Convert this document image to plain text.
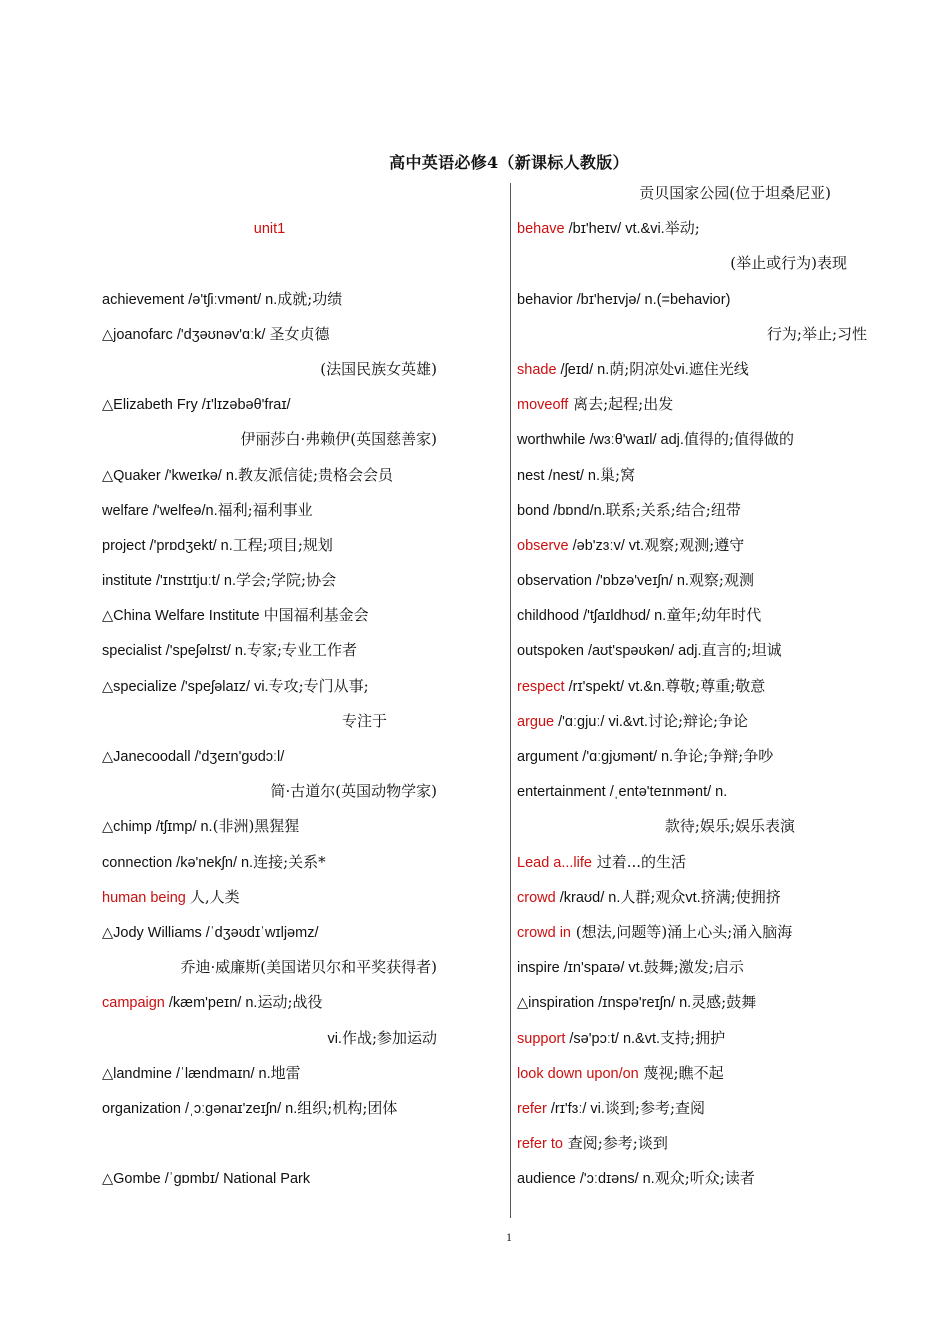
高中英语必修4（新课标人教版）
unit1
achievement /ə'tʃiːvmənt/ n.成就;功绩
△joanofarc /'dʒəʊnəv'ɑːk/ 圣女贞德
(法国民族女英雄)
△Elizabeth Fry /ɪ'lɪzəbəθ'fraɪ/
伊丽莎白·弗赖伊(英国慈善家)
△Quaker /'kweɪkə/ n.教友派信徒;贵格会会员
welfare /'welfeə/n.福利;福利事业
project /'prɒdʒekt/ n.工程;项目;规划
institute /'ɪnstɪtjuːt/ n.学会;学院;协会
△China Welfare Institute 中国福利基金会
specialist /'speʃəlɪst/ n.专家;专业工作者
△specialize /'speʃəlaɪz/ vi.专攻;专门从事;
专注于
△Janecoodall /'dʒeɪn'gʊdɔːl/
简·古道尔(英国动物学家)
△chimp /tʃɪmp/ n.(非洲)黑猩猩
connection /kə'nekʃn/ n.连接;关系*
human being 人,人类
△Jody Williams /ˈdʒəʊdɪˈwɪljəmz/
乔迪·威廉斯(美国诺贝尔和平奖获得者)
campaign /kæm'peɪn/ n.运动;战役
vi.作战;参加运动
△landmine /ˈlændmaɪn/ n.地雷
organization /ˌɔːgənaɪ'zeɪʃn/ n.组织;机构;团体
△Gombe /ˈgɒmbɪ/ National Park
贡贝国家公园(位于坦桑尼亚)
behave /bɪ'heɪv/ vt.&vi.举动;
(举止或行为)表现
behavior /bɪ'heɪvjə/ n.(=behavior)
行为;举止;习性
shade /ʃeɪd/ n.荫;阴凉处vi.遮住光线
moveoff 离去;起程;出发
worthwhile /wɜːθ'waɪl/ adj.值得的;值得做的
nest /nest/ n.巢;窝
bond /bɒnd/n.联系;关系;结合;纽带
observe /əb'zɜːv/ vt.观察;观测;遵守
observation /'ɒbzə'veɪʃn/ n.观察;观测
childhood /'tʃaɪldhʊd/ n.童年;幼年时代
outspoken /aʊt'spəʊkən/ adj.直言的;坦诚
respect /rɪ'spekt/ vt.&n.尊敬;尊重;敬意
argue /'ɑːgjuː/ vi.&vt.讨论;辩论;争论
argument /'ɑːgjʊmənt/ n.争论;争辩;争吵
entertainment /ˌentə'teɪnmənt/ n.
款待;娱乐;娱乐表演
Lead a...life 过着...的生活
crowd /kraʊd/ n.人群;观众vt.挤满;使拥挤
crowd in (想法,问题等)涌上心头;涌入脑海
inspire /ɪn'spaɪə/ vt.鼓舞;激发;启示
△inspiration /ɪnspə'reɪʃn/ n.灵感;鼓舞
support /sə'pɔːt/ n.&vt.支持;拥护
look down upon/on 蔑视;瞧不起
refer /rɪ'fɜː/ vi.谈到;参考;查阅
refer to 查阅;参考;谈到
audience /'ɔːdɪəns/ n.观众;听众;读者
1
